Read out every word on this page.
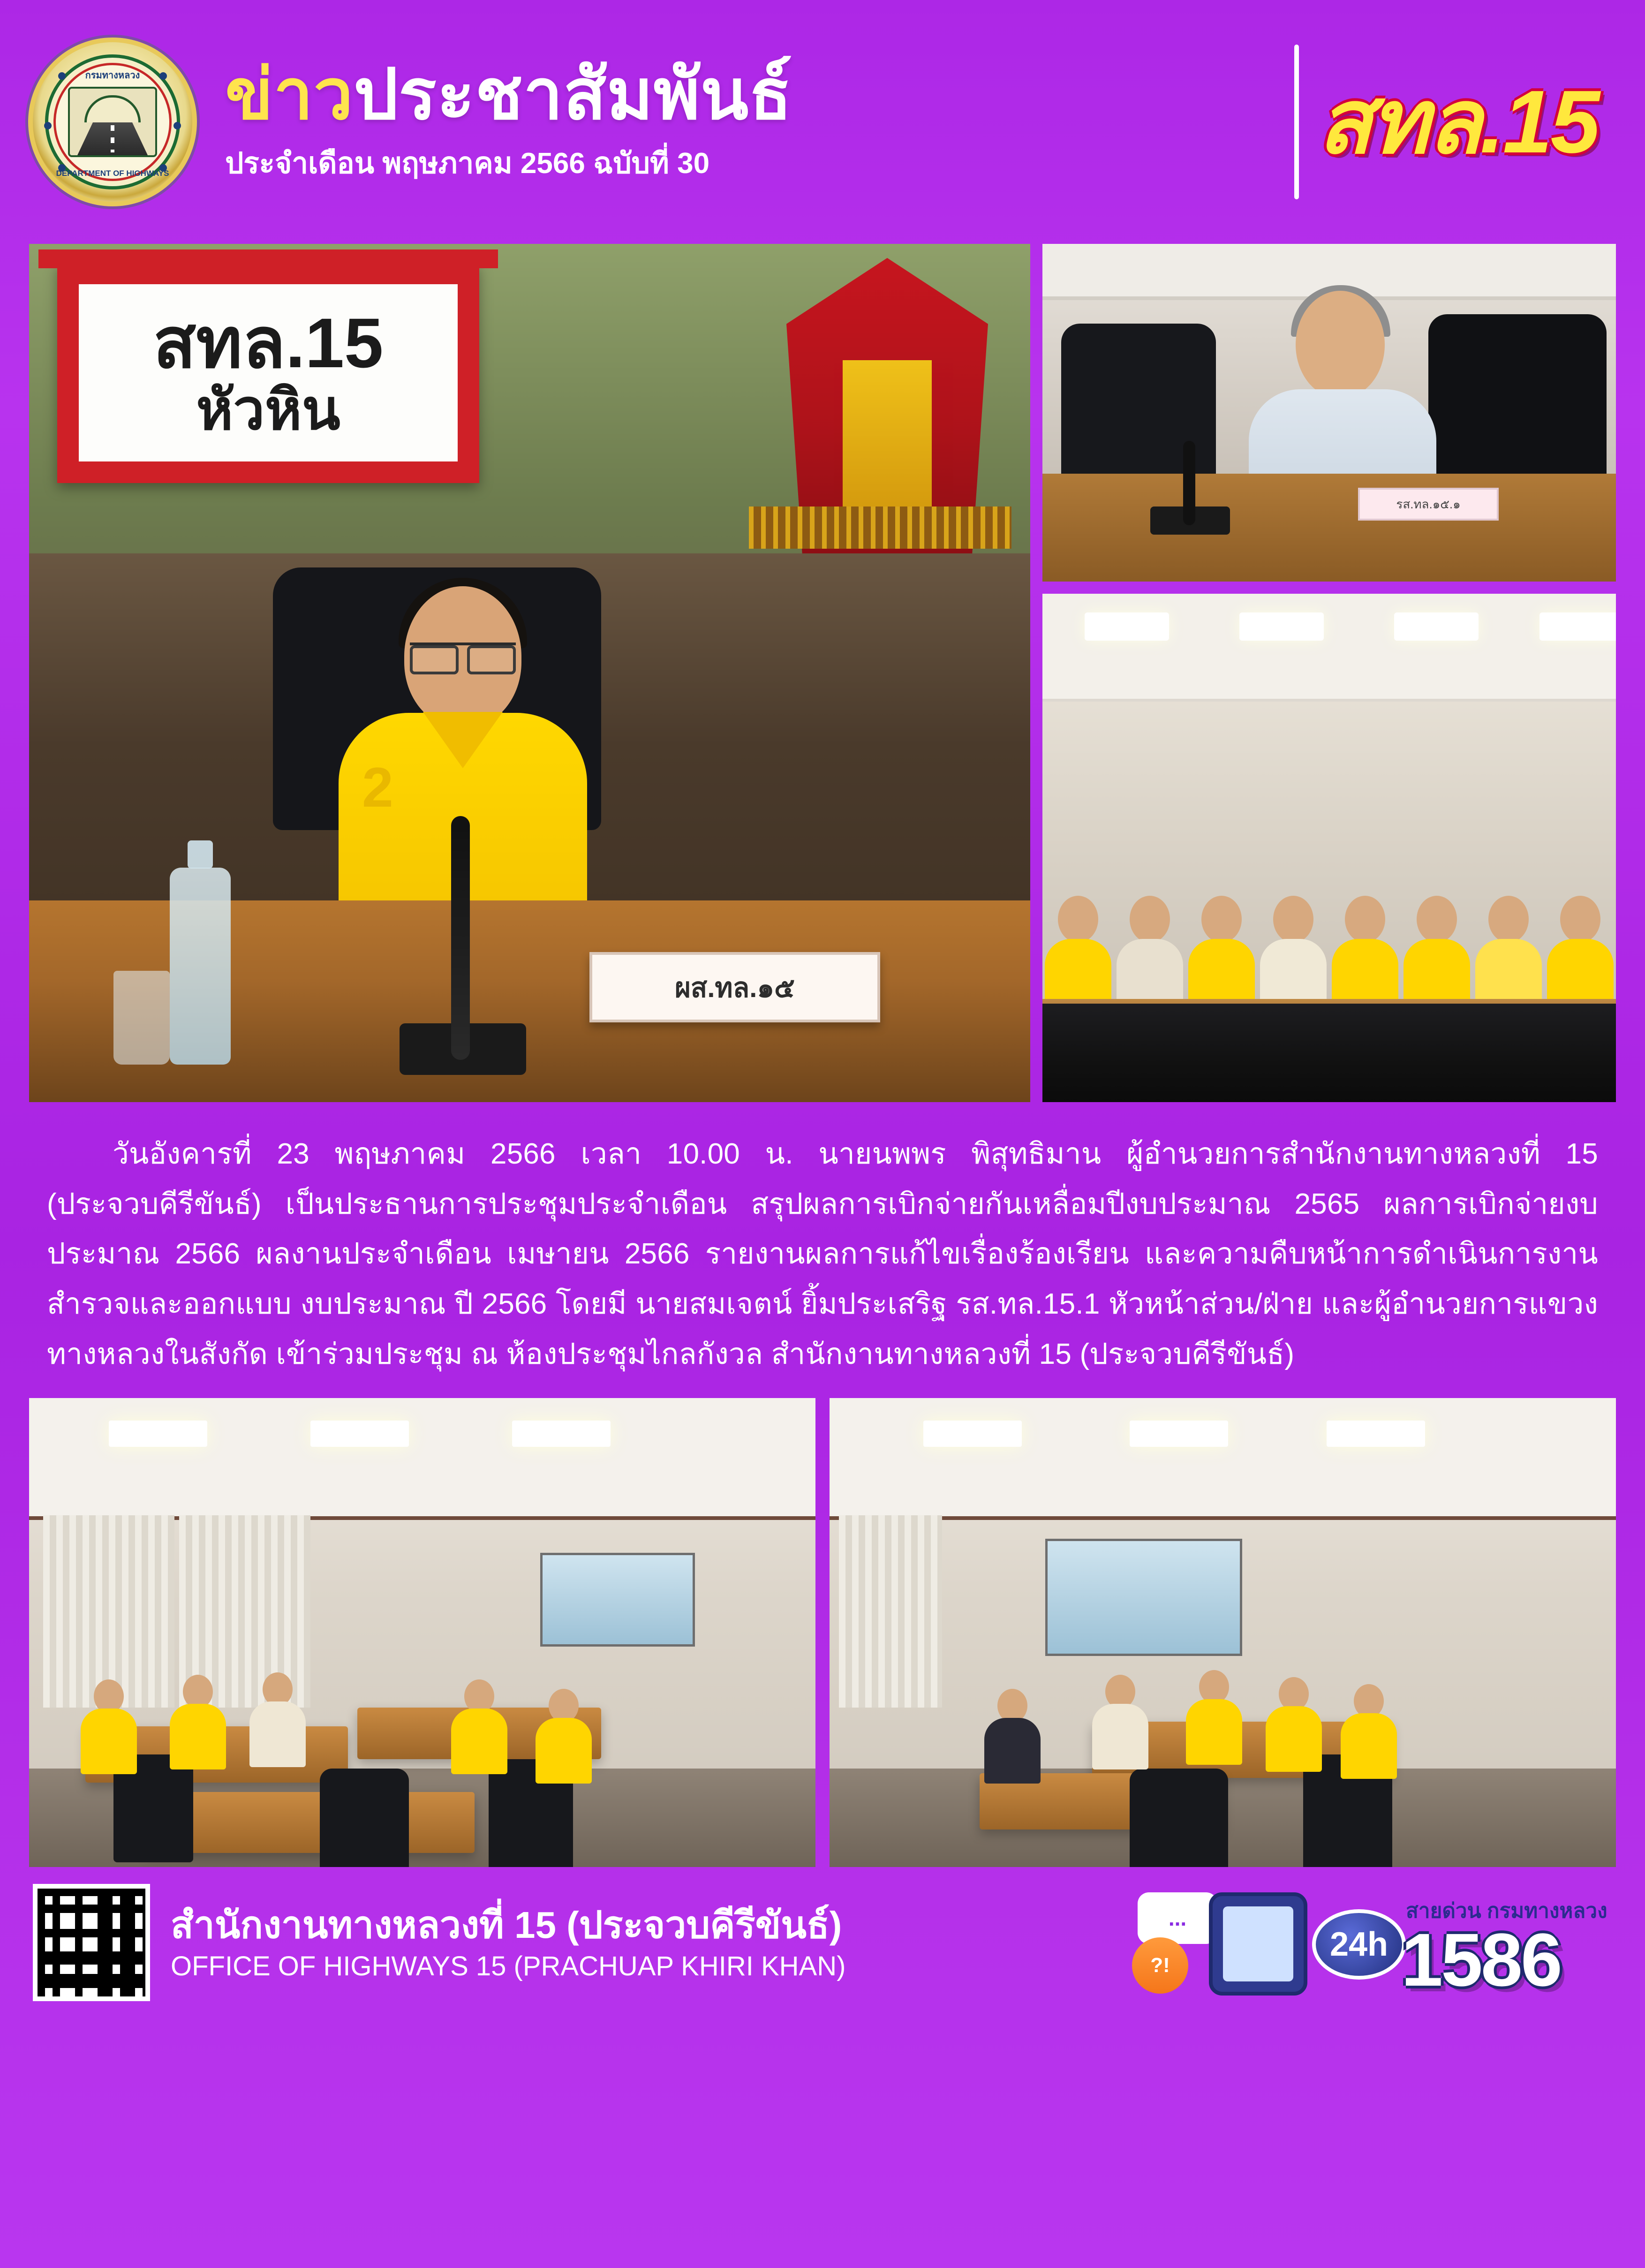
กรมทางหลวง
DEPARTMENT OF HIGHWAYS
ข่าวประชาสัมพันธ์
ประจำเดือน พฤษภาคม 2566 ฉบับที่ 30	สทล.15
สทล.15
หัวหิน
2
ผส.ทล.๑๕
รส.ทล.๑๕.๑
วันอังคารที่ 23 พฤษภาคม 2566 เวลา 10.00 น. นายนพพร พิสุทธิมาน ผู้อำนวยการสำนักงานทางหลวงที่ 15 (ประจวบคีรีขันธ์) เป็นประธานการประชุมประจำเดือน สรุปผลการเบิกจ่ายกันเหลื่อมปีงบประมาณ 2565 ผลการเบิกจ่ายงบประมาณ 2566 ผลงานประจำเดือน เมษายน 2566 รายงานผลการแก้ไขเรื่องร้องเรียน และความคืบหน้าการดำเนินการงานสำรวจและออกแบบ งบประมาณ ปี 2566 โดยมี นายสมเจตน์ ยิ้มประเสริฐ รส.ทล.15.1 หัวหน้าส่วน/ฝ่าย และผู้อำนวยการแขวงทางหลวงในสังกัด เข้าร่วมประชุม ณ ห้องประชุมไกลกังวล สำนักงานทางหลวงที่ 15 (ประจวบคีรีขันธ์)
สำนักงานทางหลวงที่ 15 (ประจวบคีรีขันธ์)
OFFICE OF HIGHWAYS 15 (PRACHUAP KHIRI KHAN)
...
?!
24h
สายด่วน กรมทางหลวง
1586
